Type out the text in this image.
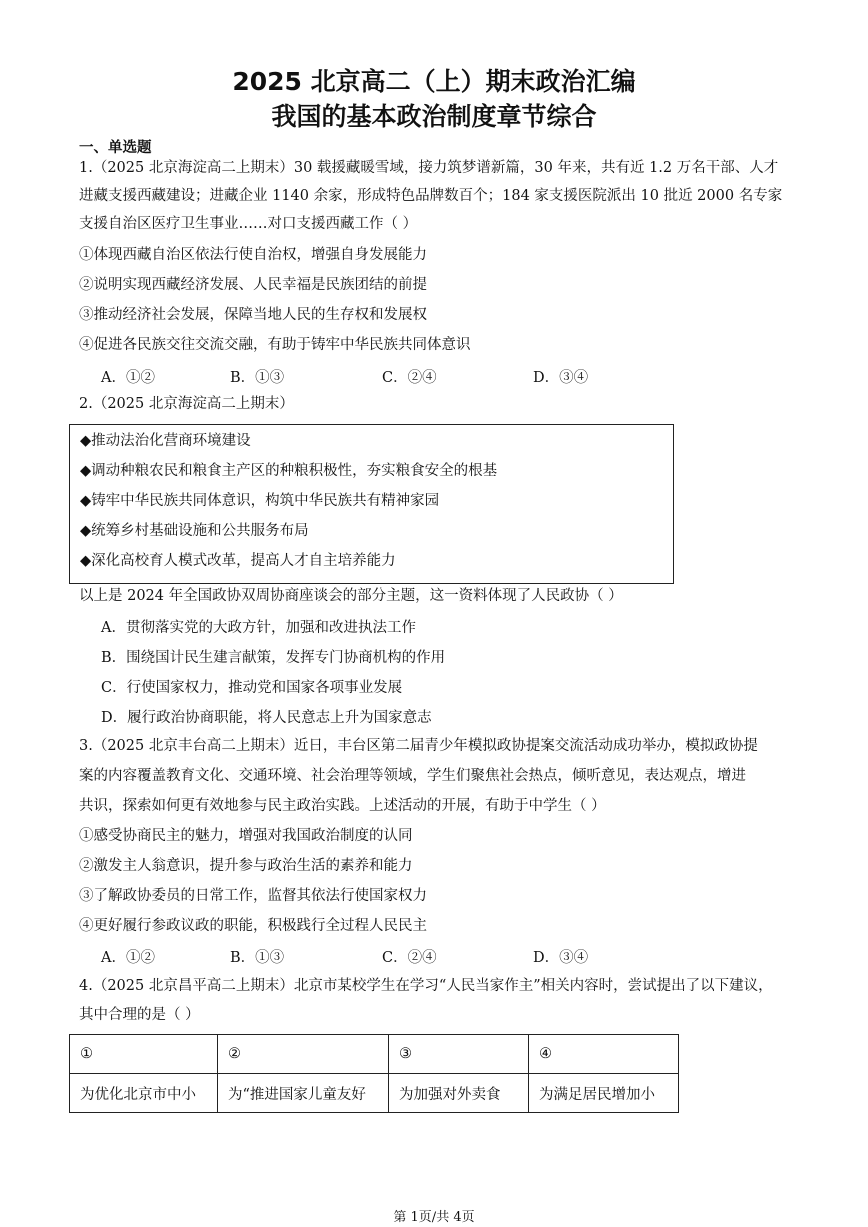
2025 北京高二（上）期末政治汇编
我国的基本政治制度章节综合
一、单选题
1.（2025 北京海淀高二上期末）30 载援藏暖雪域，接力筑梦谱新篇，30 年来，共有近 1.2 万名干部、人才
进藏支援西藏建设；进藏企业 1140 余家，形成特色品牌数百个；184 家支援医院派出 10 批近 2000 名专家
支援自治区医疗卫生事业……对口支援西藏工作（ ）
①体现西藏自治区依法行使自治权，增强自身发展能力
②说明实现西藏经济发展、人民幸福是民族团结的前提
③推动经济社会发展，保障当地人民的生存权和发展权
④促进各民族交往交流交融，有助于铸牢中华民族共同体意识
A．①②	B．①③	C．②④	D．③④
2.（2025 北京海淀高二上期末）
◆推动法治化营商环境建设
◆调动种粮农民和粮食主产区的种粮积极性，夯实粮食安全的根基
◆铸牢中华民族共同体意识，构筑中华民族共有精神家园
◆统筹乡村基础设施和公共服务布局
◆深化高校育人模式改革，提高人才自主培养能力
以上是 2024 年全国政协双周协商座谈会的部分主题，这一资料体现了人民政协（ ）
A．贯彻落实党的大政方针，加强和改进执法工作
B．围绕国计民生建言献策，发挥专门协商机构的作用
C．行使国家权力，推动党和国家各项事业发展
D．履行政治协商职能，将人民意志上升为国家意志
3.（2025 北京丰台高二上期末）近日，丰台区第二届青少年模拟政协提案交流活动成功举办，模拟政协提
案的内容覆盖教育文化、交通环境、社会治理等领域，学生们聚焦社会热点，倾听意见，表达观点，增进
共识，探索如何更有效地参与民主政治实践。上述活动的开展，有助于中学生（ ）
①感受协商民主的魅力，增强对我国政治制度的认同
②激发主人翁意识，提升参与政治生活的素养和能力
③了解政协委员的日常工作，监督其依法行使国家权力
④更好履行参政议政的职能，积极践行全过程人民民主
A．①②	B．①③	C．②④	D．③④
4.（2025 北京昌平高二上期末）北京市某校学生在学习“人民当家作主”相关内容时，尝试提出了以下建议，
其中合理的是（ ）
①	②	③	④
为优化北京市中小	为“推进国家儿童友好	为加强对外卖食	为满足居民增加小
第 1页/共 4页
